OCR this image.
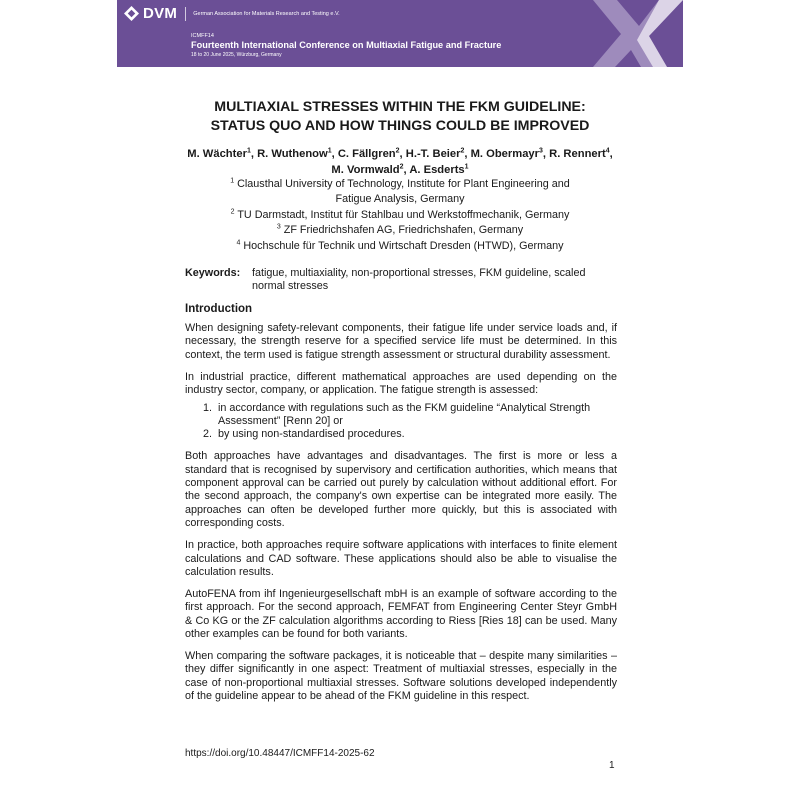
DVM	German Association for Materials Research and Testing e.V.
ICMFF14
Fourteenth International Conference on Multiaxial Fatigue and Fracture
18 to 20 June 2025, Würzburg, Germany
MULTIAXIAL STRESSES WITHIN THE FKM GUIDELINE:
STATUS QUO AND HOW THINGS COULD BE IMPROVED
M. Wächter$^1$, R. Wuthenow$^1$, C. Fällgren$^2$, H.-T. Beier$^2$, M. Obermayr$^3$, R. Rennert$^4$,
M. Vormwald$^2$, A. Esderts$^1$
$^1$ Clausthal University of Technology, Institute for Plant Engineering and
Fatigue Analysis, Germany
$^2$ TU Darmstadt, Institut für Stahlbau und Werkstoffmechanik, Germany
$^3$ ZF Friedrichshafen AG, Friedrichshafen, Germany
$^4$ Hochschule für Technik und Wirtschaft Dresden (HTWD), Germany
Keywords:	fatigue, multiaxiality, non-proportional stresses, FKM guideline, scaled normal stresses
Introduction

When designing safety-relevant components, their fatigue life under service loads and, if necessary, the strength reserve for a specified service life must be determined. In this context, the term used is fatigue strength assessment or structural durability assessment.

In industrial practice, different mathematical approaches are used depending on the industry sector, company, or application. The fatigue strength is assessed:

1. in accordance with regulations such as the FKM guideline “Analytical Strength Assessment” [Renn 20] or
2. by using non-standardised procedures.

Both approaches have advantages and disadvantages. The first is more or less a standard that is recognised by supervisory and certification authorities, which means that component approval can be carried out purely by calculation without additional effort. For the second approach, the company's own expertise can be integrated more easily. The approaches can often be developed further more quickly, but this is associated with corresponding costs.

In practice, both approaches require software applications with interfaces to finite element calculations and CAD software. These applications should also be able to visualise the calculation results.

AutoFENA from ihf Ingenieurgesellschaft mbH is an example of software according to the first approach. For the second approach, FEMFAT from Engineering Center Steyr GmbH & Co KG or the ZF calculation algorithms according to Riess [Ries 18] can be used. Many other examples can be found for both variants.

When comparing the software packages, it is noticeable that – despite many similarities – they differ significantly in one aspect: Treatment of multiaxial stresses, especially in the case of non-proportional multiaxial stresses. Software solutions developed independently of the guideline appear to be ahead of the FKM guideline in this respect.

https://doi.org/10.48447/ICMFF14-2025-62
1
